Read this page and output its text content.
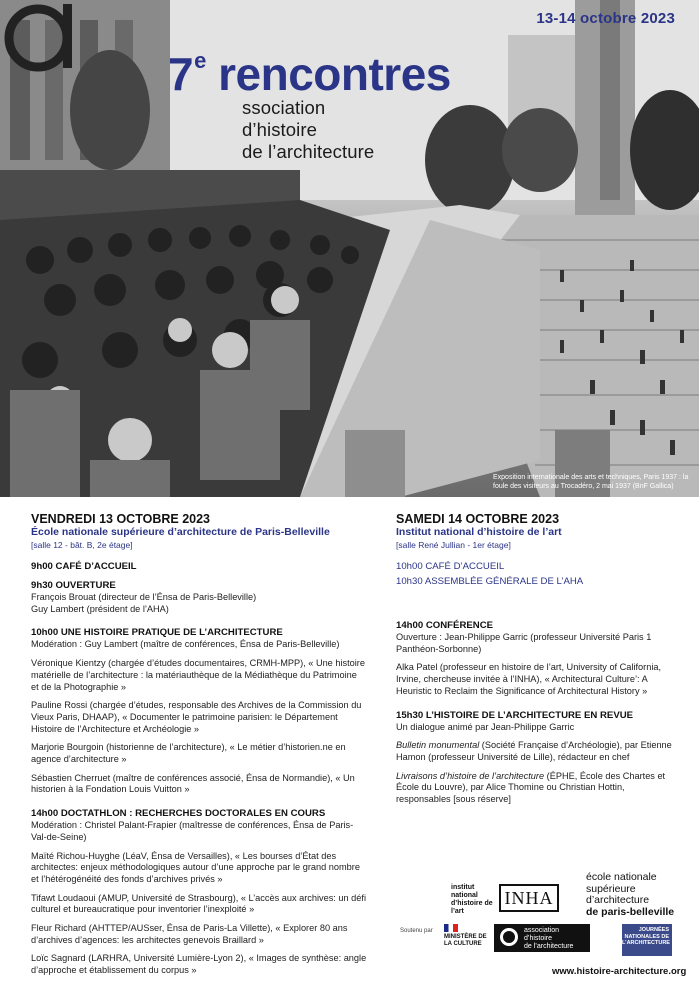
13-14 octobre 2023
7e rencontres
ssociation
d’histoire
de l’architecture
Exposition internationale des arts et techniques, Paris 1937 : la foule des visiteurs au Trocadéro, 2 mai 1937 (BnF Gallica)
VENDREDI 13 OCTOBRE 2023
École nationale supérieure d’architecture de Paris-Belleville
[salle 12 - bât. B, 2e étage]
9h00 CAFÉ D’ACCUEIL
9h30 OUVERTURE
François Brouat (directeur de l’Énsa de Paris-Belleville)
Guy Lambert (président de l’AHA)
10h00 UNE HISTOIRE PRATIQUE DE L’ARCHITECTURE
Modération : Guy Lambert (maître de conférences, Énsa de Paris-Belleville)
Véronique Kientzy (chargée d’études documentaires, CRMH-MPP), « Une histoire matérielle de l’architecture : la matériauthèque de la Médiathèque du Patrimoine et de la Photographie »
Pauline Rossi (chargée d’études, responsable des Archives de la Commission du Vieux Paris, DHAAP), « Documenter le patrimoine parisien: le Département Histoire de l’Architecture et Archéologie »
Marjorie Bourgoin (historienne de l’architecture), « Le métier d’historien.ne en agence d’architecture »
Sébastien Cherruet (maître de conférences associé, Énsa de Normandie), « Un historien à la Fondation Louis Vuitton »
14h00 DOCTATHLON : RECHERCHES DOCTORALES EN COURS
Modération : Christel Palant-Frapier (maîtresse de conférences, Énsa de Paris-Val-de-Seine)
Maïté Richou-Huyghe (LéaV, Énsa de Versailles), « Les bourses d’État des architectes: enjeux méthodologiques autour d’une approche par le grand nombre et l’hétérogénéité des fonds d’archives privés »
Tifawt Loudaoui (AMUP, Université de Strasbourg), « L’accès aux archives: un défi culturel et bureaucratique pour inventorier l’inexploité »
Fleur Richard (AHTTEP/AUSser, Énsa de Paris-La Villette), « Explorer 80 ans d’archives d’agences: les architectes genevois Braillard »
Loïc Sagnard (LARHRA, Université Lumière-Lyon 2), « Images de synthèse: angle d’approche et établissement du corpus »
SAMEDI 14 OCTOBRE 2023
Institut national d’histoire de l’art
[salle René Jullian - 1er étage]
10h00 CAFÉ D’ACCUEIL
10h30 ASSEMBLÉE GÉNÉRALE DE L’AHA
14h00 CONFÉRENCE
Ouverture : Jean-Philippe Garric (professeur Université Paris 1 Panthéon-Sorbonne)
Alka Patel (professeur en histoire de l’art, University of California, Irvine, chercheuse invitée à l’INHA), « Architectural Culture’: A Heuristic to Reclaim the Significance of Architectural History »
15h30 L’HISTOIRE DE L’ARCHITECTURE EN REVUE
Un dialogue animé par Jean-Philippe Garric
Bulletin monumental (Société Française d’Archéologie), par Etienne Hamon (professeur Université de Lille), rédacteur en chef
Livraisons d’histoire de l’architecture (ÉPHE, École des Chartes et École du Louvre), par Alice Thomine ou Christian Hottin, responsables [sous réserve]
institut national d’histoire de l’art
INHA
école nationale
supérieure
d’architecture
de paris-belleville
Soutenu par
MINISTÈRE DE LA CULTURE
association
d’histoire
de l’architecture
JOURNÉES NATIONALES DE L’ARCHITECTURE
www.histoire-architecture.org
